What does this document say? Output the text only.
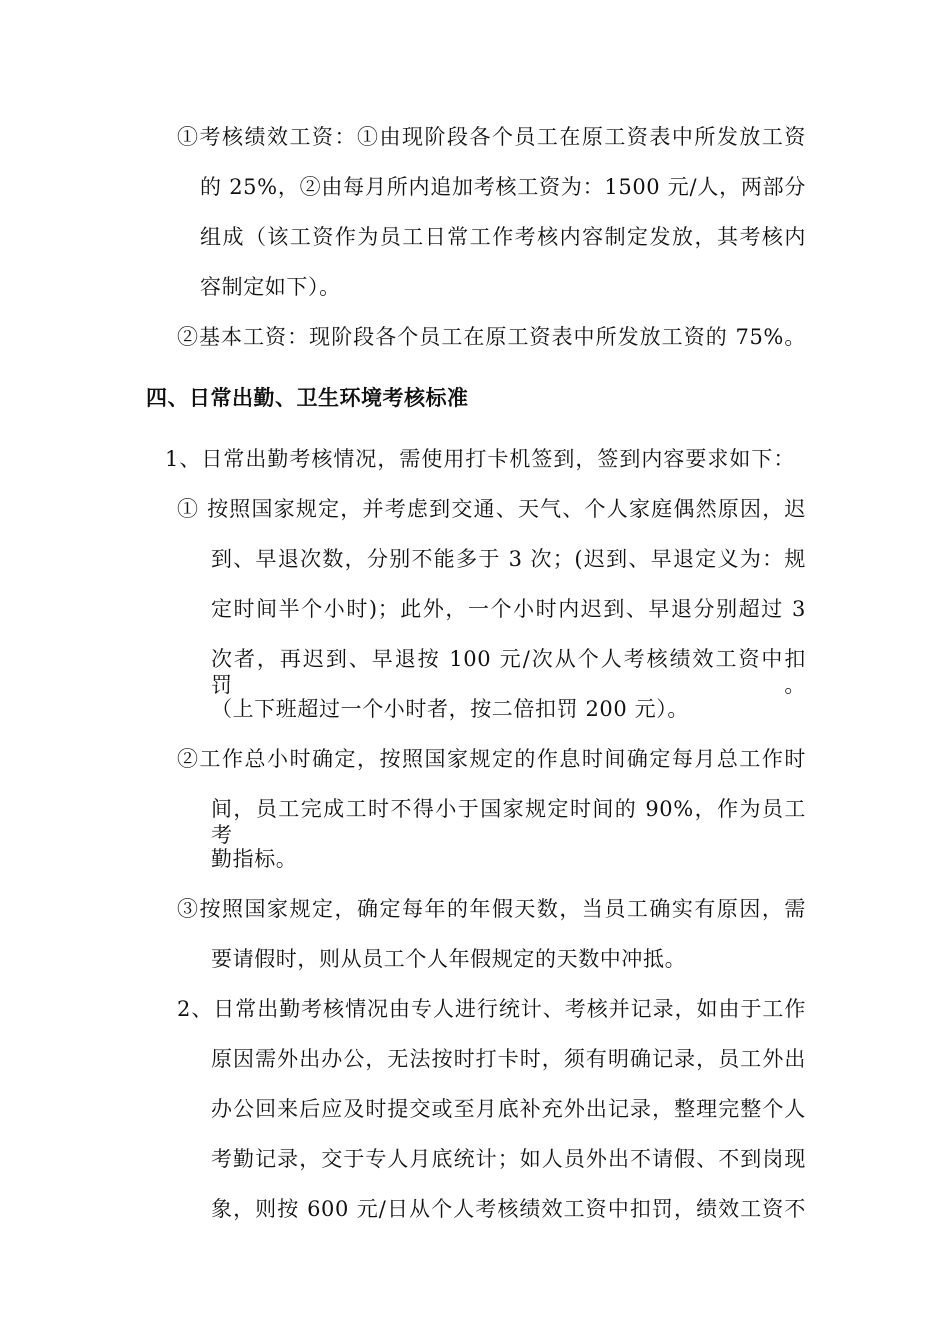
①考核绩效工资：①由现阶段各个员工在原工资表中所发放工资
的 25%，②由每月所内追加考核工资为：1500 元/人，两部分
组成（该工资作为员工日常工作考核内容制定发放，其考核内
容制定如下）。
②基本工资：现阶段各个员工在原工资表中所发放工资的 75%。
四、日常出勤、卫生环境考核标准
1、日常出勤考核情况，需使用打卡机签到，签到内容要求如下：
① 按照国家规定，并考虑到交通、天气、个人家庭偶然原因，迟
到、早退次数，分别不能多于 3 次；(迟到、早退定义为：规
定时间半个小时)；此外，一个小时内迟到、早退分别超过 3
次者，再迟到、早退按 100 元/次从个人考核绩效工资中扣罚。
（上下班超过一个小时者，按二倍扣罚 200 元）。
②工作总小时确定，按照国家规定的作息时间确定每月总工作时
间，员工完成工时不得小于国家规定时间的 90%，作为员工考
勤指标。
③按照国家规定，确定每年的年假天数，当员工确实有原因，需
要请假时，则从员工个人年假规定的天数中冲抵。
2、日常出勤考核情况由专人进行统计、考核并记录，如由于工作
原因需外出办公，无法按时打卡时，须有明确记录，员工外出
办公回来后应及时提交或至月底补充外出记录，整理完整个人
考勤记录，交于专人月底统计；如人员外出不请假、不到岗现
象，则按 600 元/日从个人考核绩效工资中扣罚，绩效工资不
